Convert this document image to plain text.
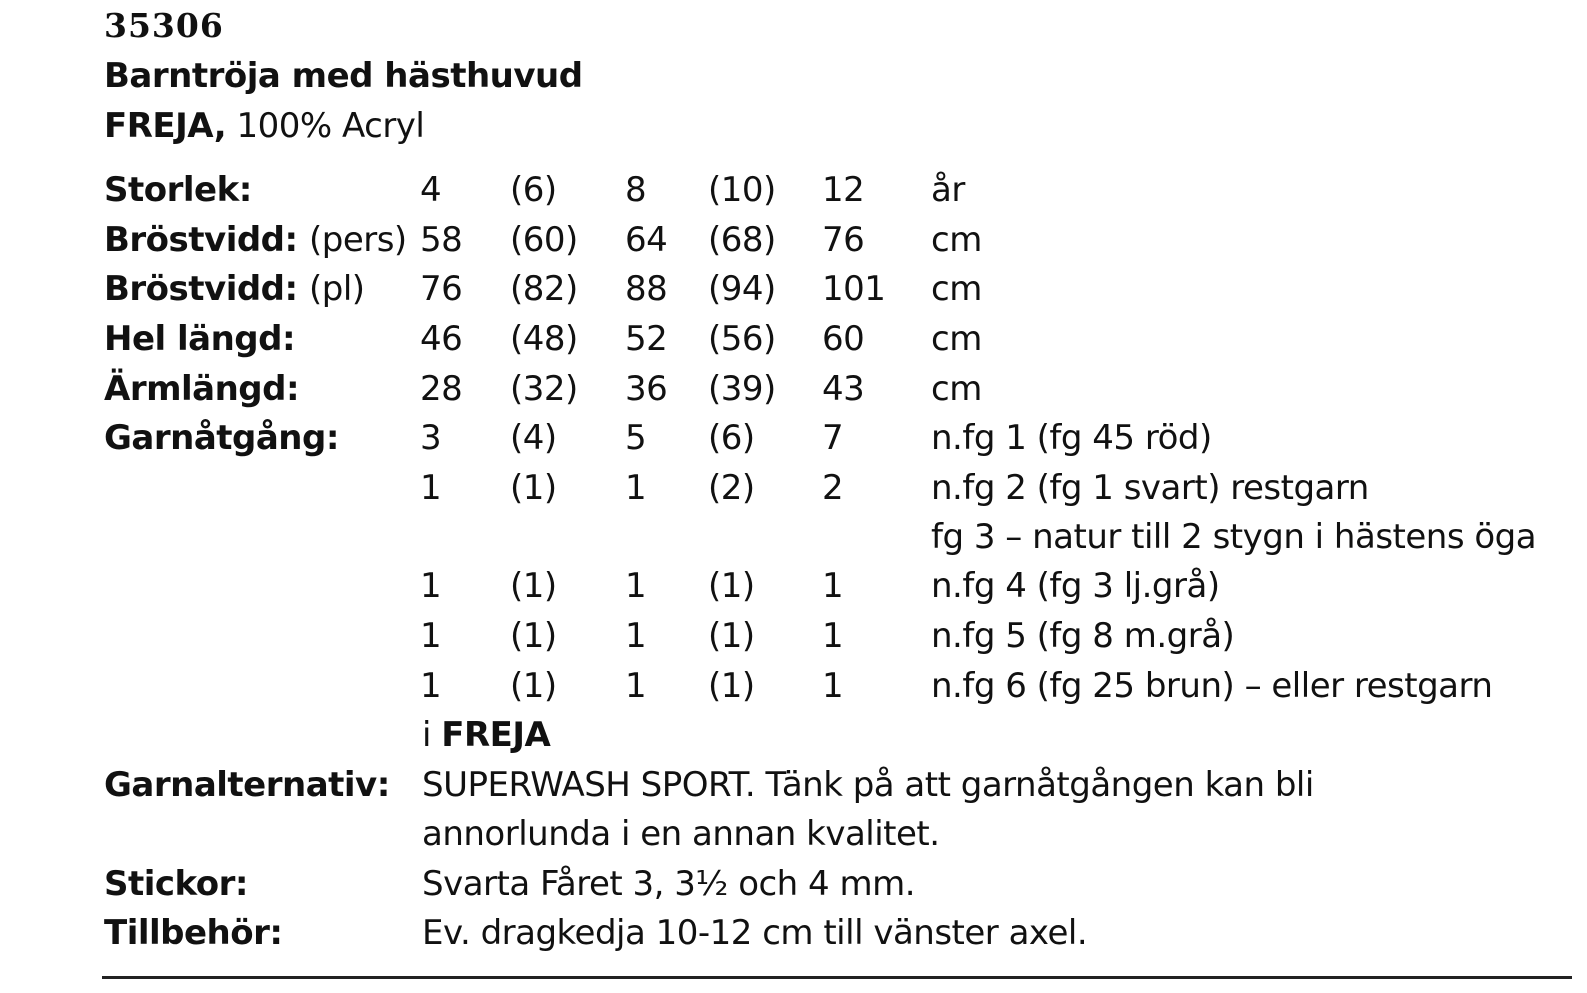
35306
Barntröja med hästhuvud
FREJA, 100% Acryl
Storlek:	4 (6) 8 (10) 12 år
Bröstvidd: (pers) 58 (60) 64 (68) 76 cm
Bröstvidd: (pl) 76 (82) 88 (94) 101 cm
Hel längd:	46 (48) 52 (56) 60 cm
Ärmlängd:	28 (32) 36 (39) 43 cm
Garnåtgång: 3 (4) 5 (6) 7	n.fg 1 (fg 45 röd)
1 (1) 1 (2) 2	n.fg 2 (fg 1 svart) restgarn
fg 3 – natur till 2 stygn i hästens öga
1 (1) 1 (1) 1	n.fg 4 (fg 3 lj.grå)
1 (1) 1 (1) 1	n.fg 5 (fg 8 m.grå)
1 (1) 1 (1) 1	n.fg 6 (fg 25 brun) – eller restgarn
i FREJA
Garnalternativ: SUPERWASH SPORT. Tänk på att garnåtgången kan bli
annorlunda i en annan kvalitet.
Stickor:	Svarta Fåret 3, 3½ och 4 mm.
Tillbehör:	Ev. dragkedja 10-12 cm till vänster axel.
